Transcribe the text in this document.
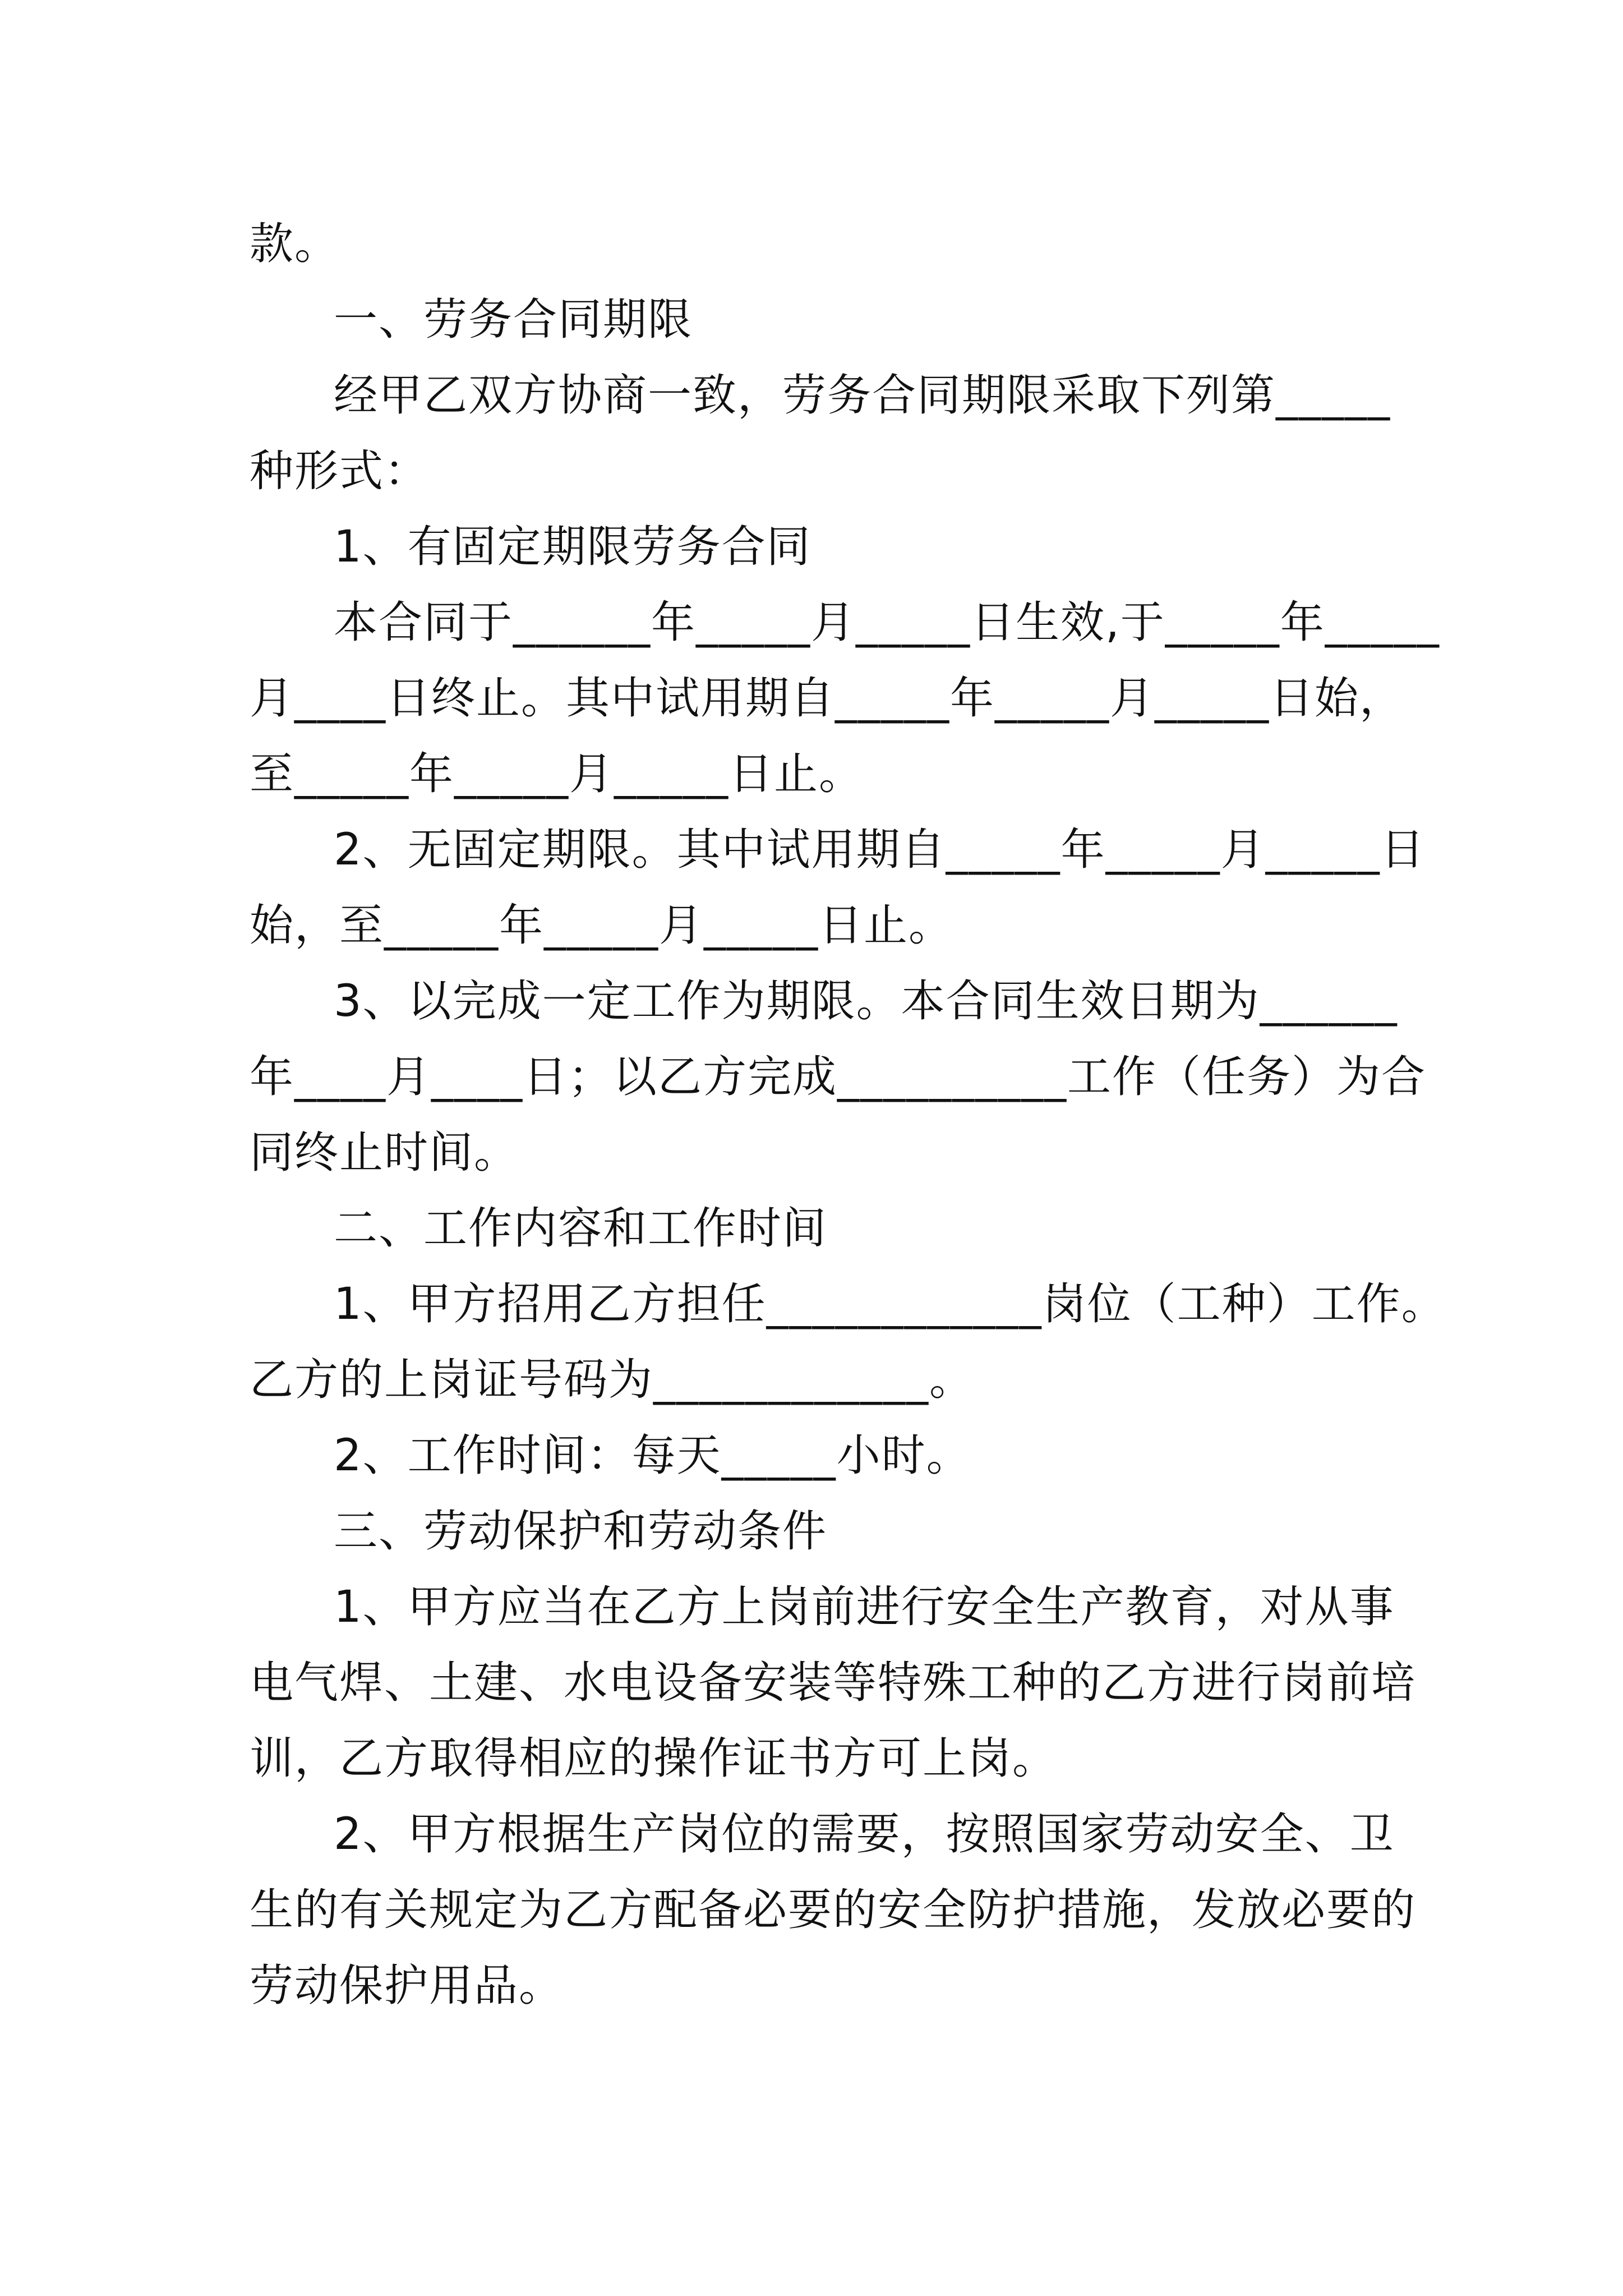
款。
一、劳务合同期限
经甲乙双方协商一致，劳务合同期限采取下列第_____
种形式：
1、有固定期限劳务合同
本合同于______年_____月_____日生效,于_____年_____
月____日终止。其中试用期自_____年_____月_____日始，
至_____年_____月_____日止。
2、无固定期限。其中试用期自_____年_____月_____日
始，至_____年_____月_____日止。
3、以完成一定工作为期限。本合同生效日期为______
年____月____日；以乙方完成__________工作（任务）为合
同终止时间。
二、工作内容和工作时间
1、甲方招用乙方担任____________岗位（工种）工作。
乙方的上岗证号码为____________。
2、工作时间：每天_____小时。
三、劳动保护和劳动条件
1、甲方应当在乙方上岗前进行安全生产教育，对从事
电气焊、土建、水电设备安装等特殊工种的乙方进行岗前培
训，乙方取得相应的操作证书方可上岗。
2、甲方根据生产岗位的需要，按照国家劳动安全、卫
生的有关规定为乙方配备必要的安全防护措施，发放必要的
劳动保护用品。
